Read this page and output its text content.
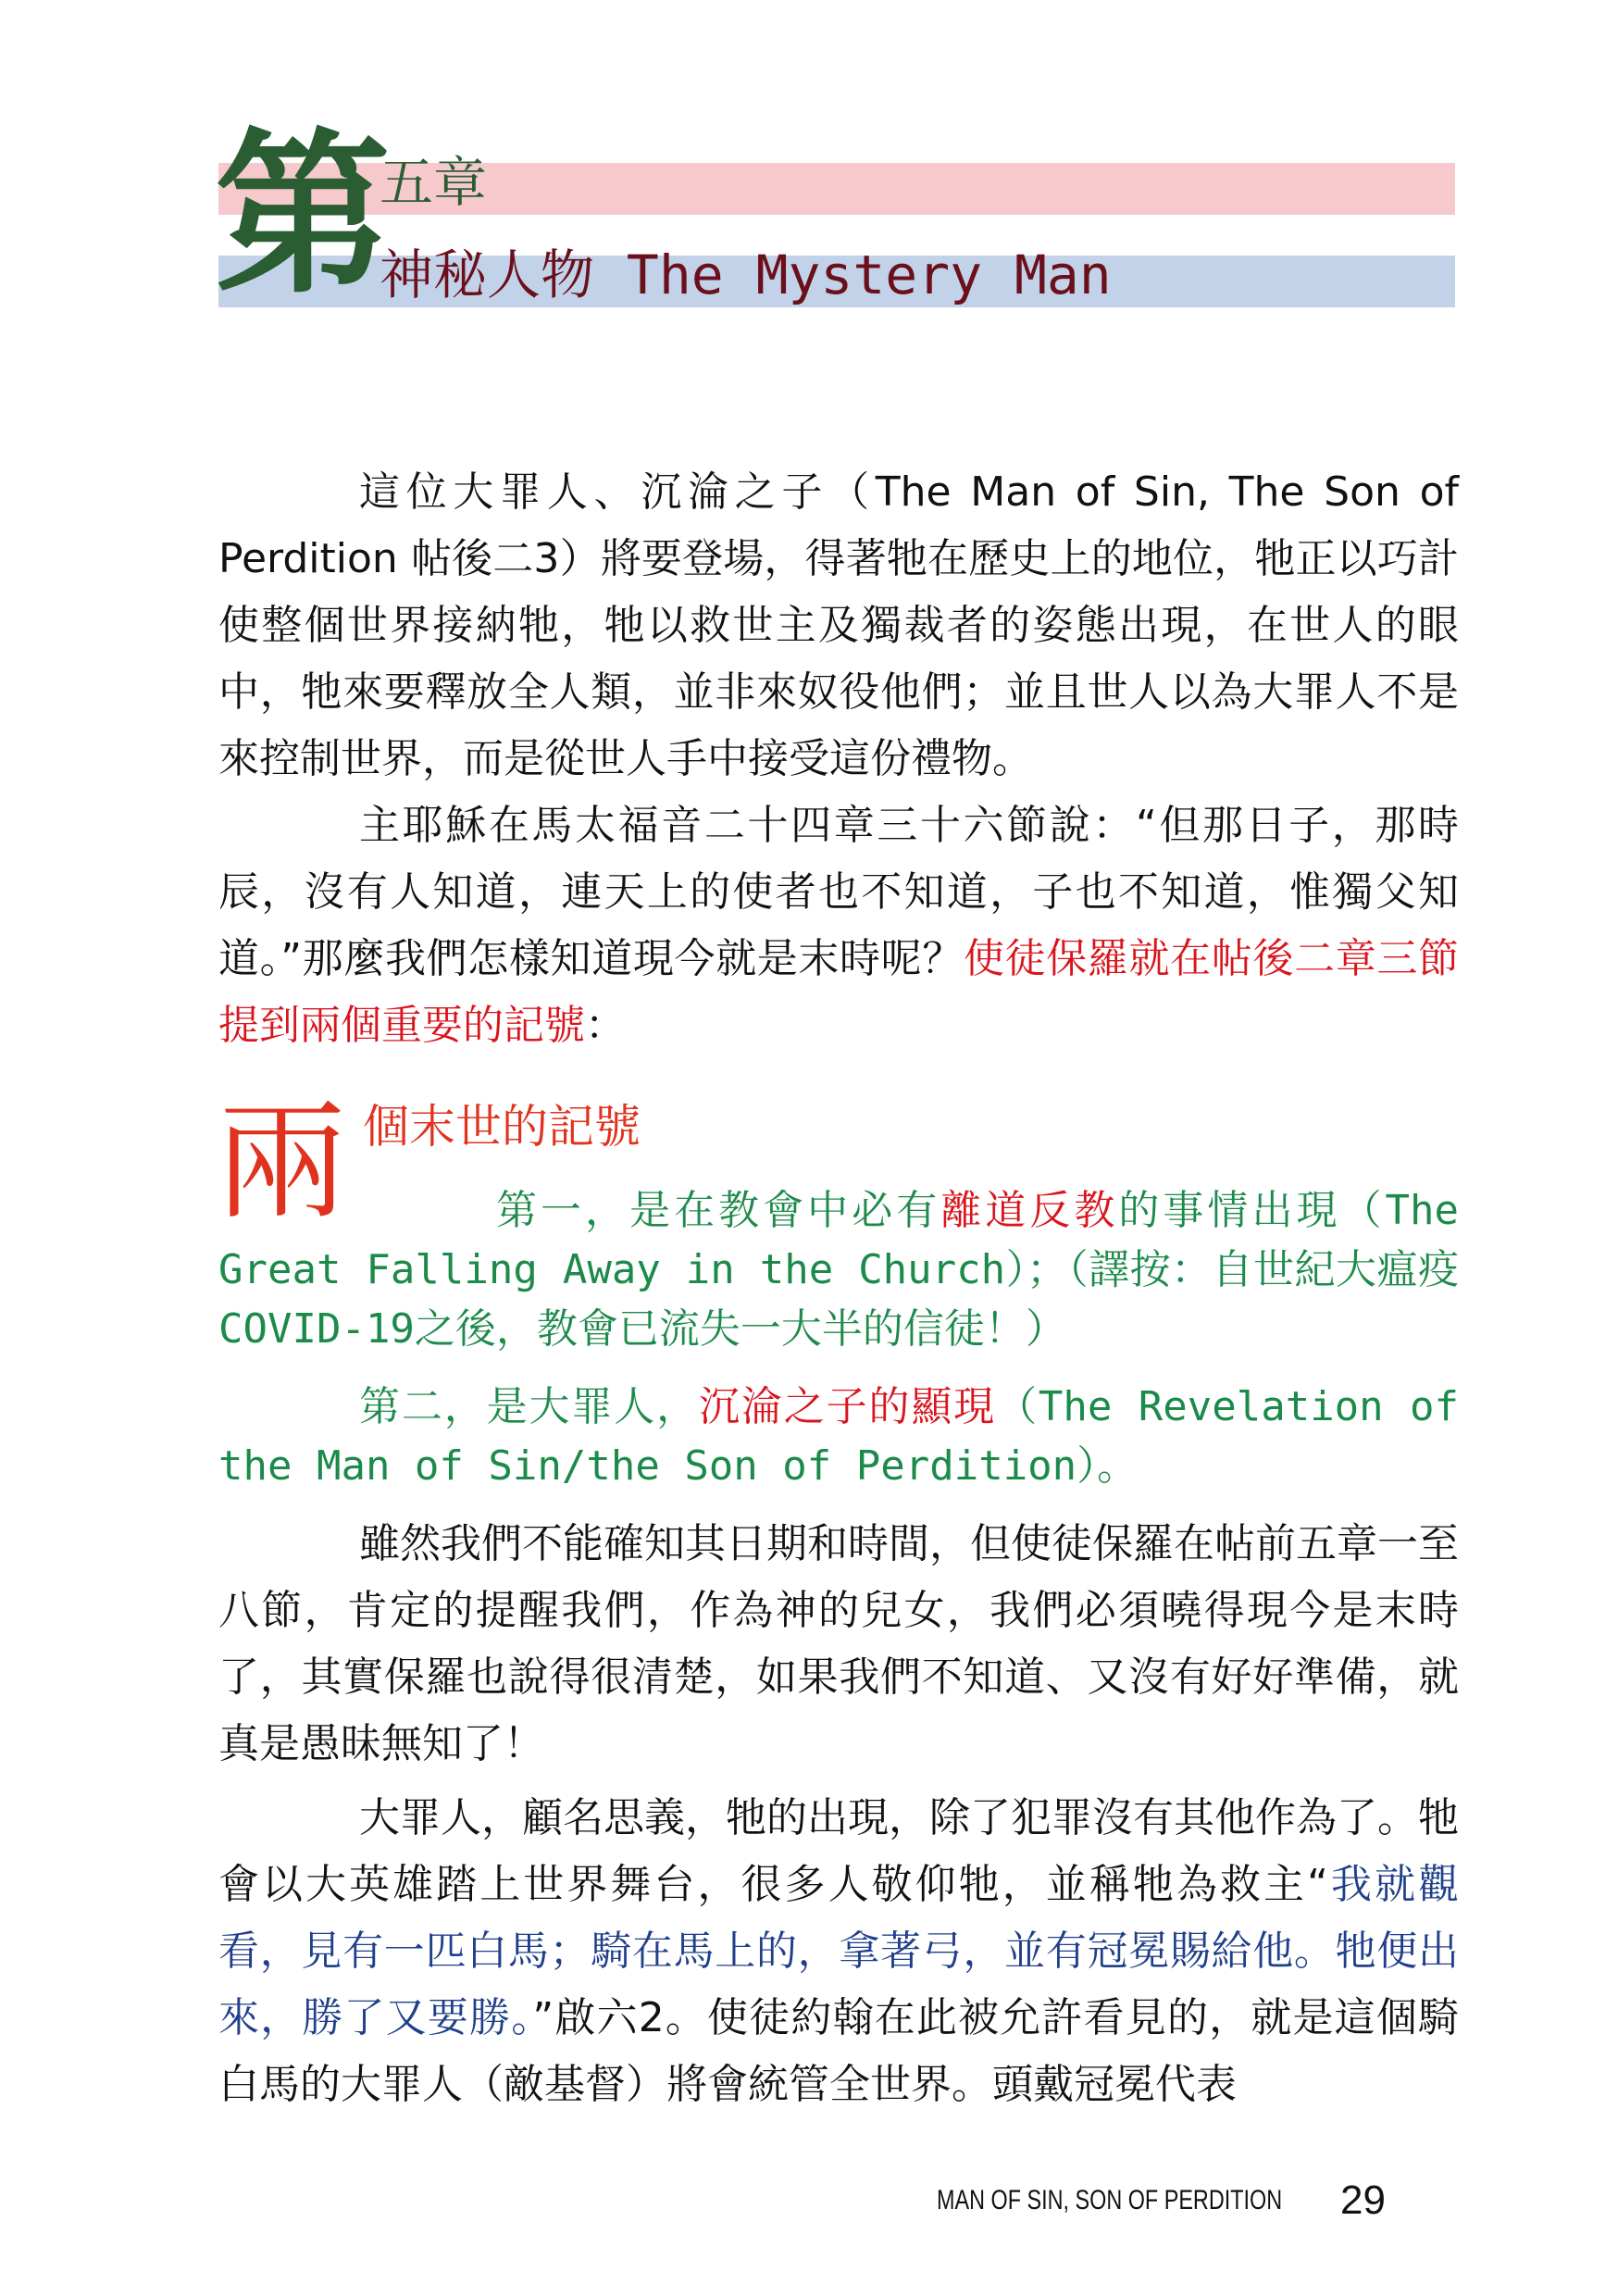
第
五章
神秘人物 The Mystery Man

這位大罪人、沉淪之子（The Man of Sin, The Son of Perdition 帖後二3）將要登場，得著牠在歷史上的地位，牠正以巧計使整個世界接納牠，牠以救世主及獨裁者的姿態出現，在世人的眼中，牠來要釋放全人類，並非來奴役他們；並且世人以為大罪人不是來控制世界，而是從世人手中接受這份禮物。

主耶穌在馬太福音二十四章三十六節說：“但那日子，那時辰，沒有人知道，連天上的使者也不知道，子也不知道，惟獨父知道。”那麼我們怎樣知道現今就是末時呢？使徒保羅就在帖後二章三節提到兩個重要的記號：

兩 個末世的記號

第一，是在教會中必有離道反教的事情出現（The Great Falling Away in the Church）；（譯按：自世紀大瘟疫 COVID-19之後，教會已流失一大半的信徒！）

第二，是大罪人，沉淪之子的顯現（The Revelation of the Man of Sin/the Son of Perdition）。

雖然我們不能確知其日期和時間，但使徒保羅在帖前五章一至八節，肯定的提醒我們，作為神的兒女，我們必須曉得現今是末時了，其實保羅也說得很清楚，如果我們不知道、又沒有好好準備，就真是愚昧無知了！

大罪人，顧名思義，牠的出現，除了犯罪沒有其他作為了。牠會以大英雄踏上世界舞台，很多人敬仰牠，並稱牠為救主“我就觀看，見有一匹白馬；騎在馬上的，拿著弓，並有冠冕賜給他。牠便出來，勝了又要勝。”啟六2。使徒約翰在此被允許看見的，就是這個騎白馬的大罪人（敵基督）將會統管全世界。頭戴冠冕代表

MAN OF SIN, SON OF PERDITION 29
